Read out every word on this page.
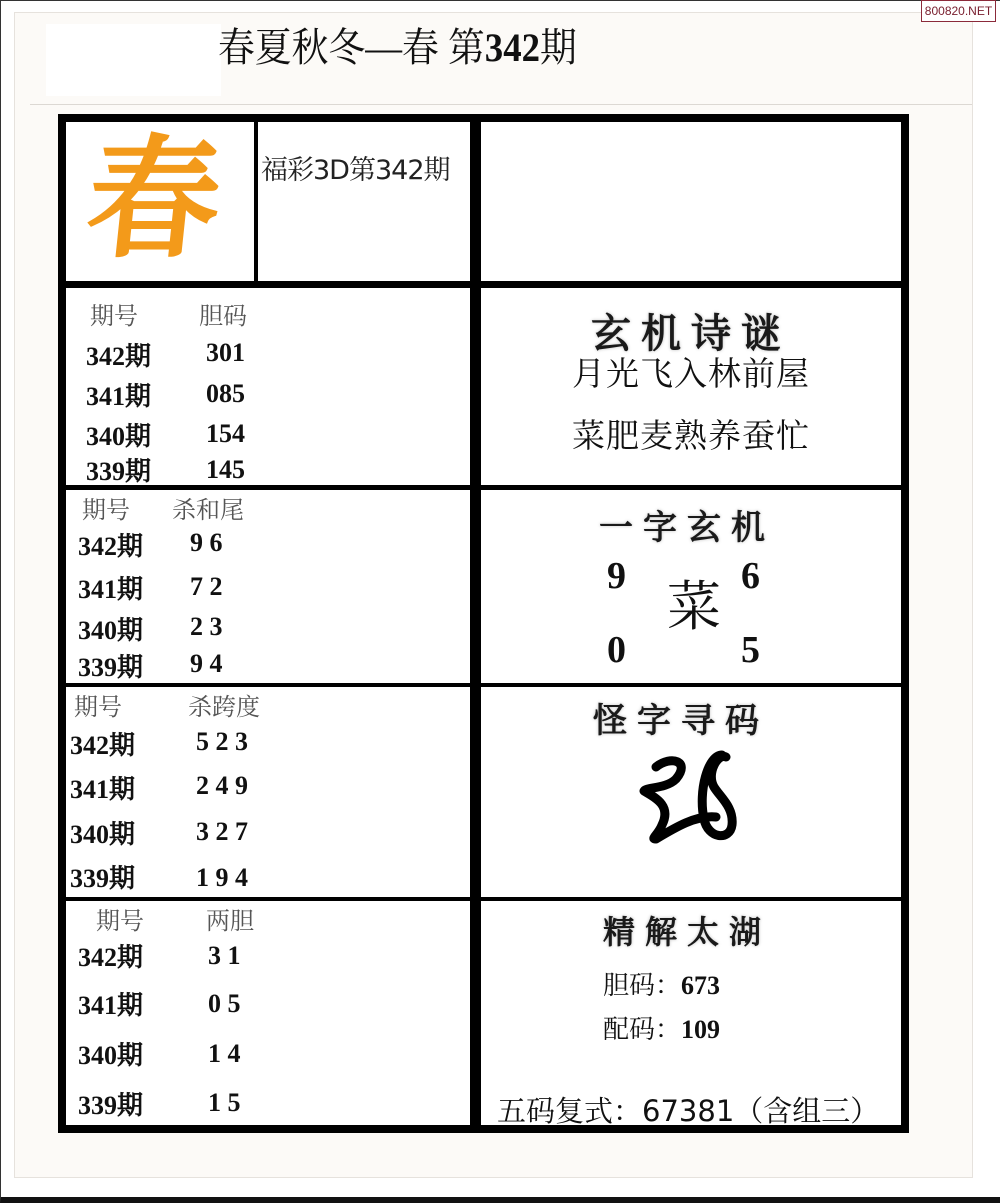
春夏秋冬—春 第342期
800820.NET
春 福彩3D第342期
期号	胆码
342期 301
341期 085
340期 154
339期 145
期号 杀和尾
342期 9 6
341期 7 2
340期 2 3
339期 9 4
期号	杀跨度
342期 5 2 3
341期 2 4 9
340期 3 2 7
339期 1 9 4
期号	两胆
342期 3 1
341期 0 5
340期 1 4
339期 1 5
玄机诗谜
月光飞入林前屋
菜肥麦熟养蚕忙
一字玄机
9	6
菜
0	5
怪字寻码
精解太湖
胆码：673
配码：109
五码复式：67381（含组三）
